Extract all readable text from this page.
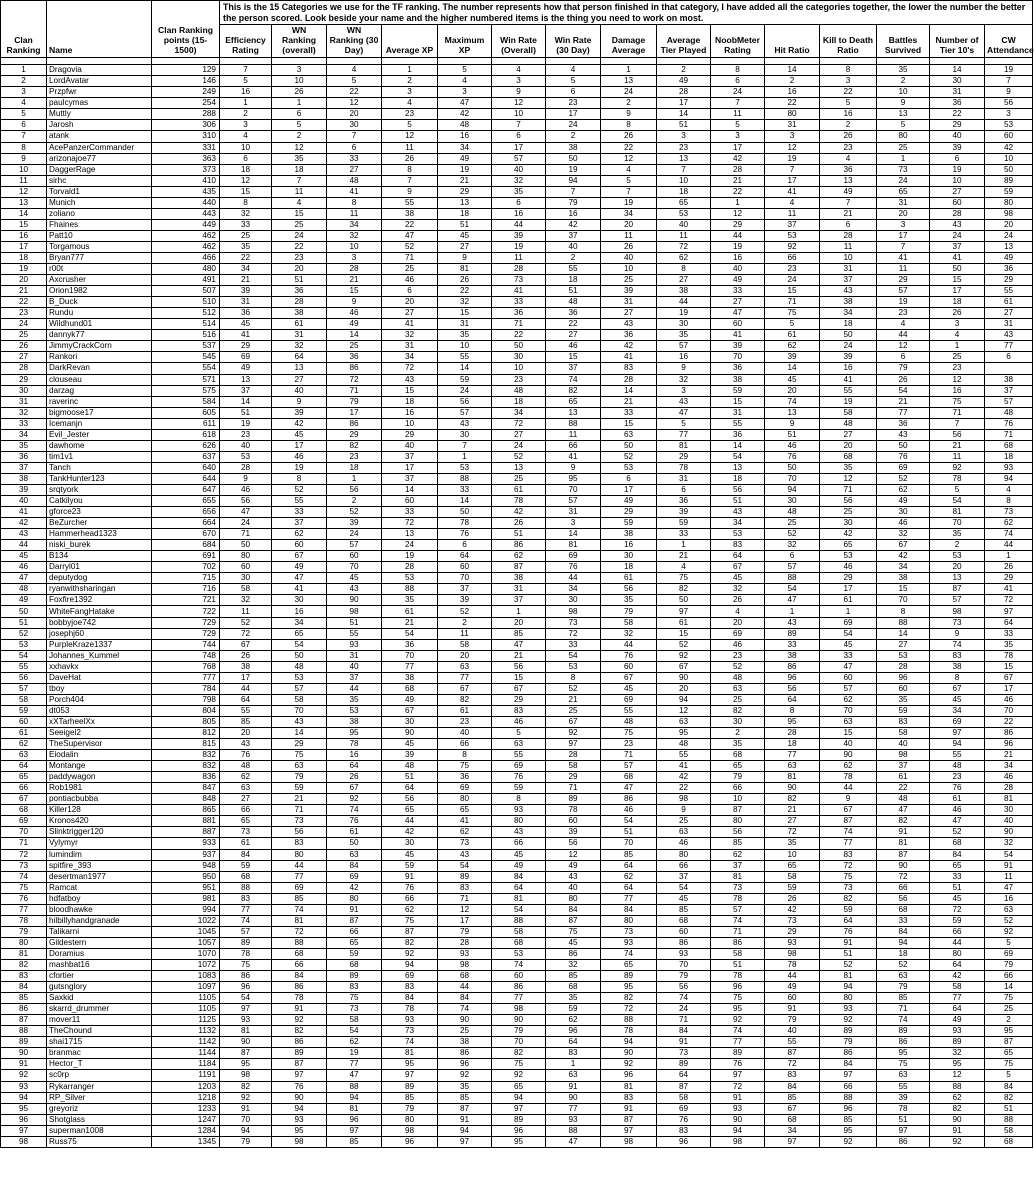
Clan Ranking	Name	Clan Ranking points (15-1500)	This is the 15 Categories we use for the TF ranking. The number represents how that person finished in that category, I have added all the categories together, the lower the number the better the person scored. Look beside your name and the higher numbered items is the thing you need to work on most.														
			Efficiency Rating	WN Ranking (overall)	WN Ranking (30 Day)	Average XP	Maximum XP	Win Rate (Overall)	Win Rate (30 Day)	Damage Average	Average Tier Played	NoobMeter Rating	Hit Ratio	Kill to Death Ratio	Battles Survived	Number of Tier 10's	CW Attendance

1	Dragovia	129	7	3	4	1	5	4	4	1	2	8	14	8	35	14	19
2	LordAvatar	146	5	10	5	2	4	3	5	13	49	6	2	3	2	30	7
3	Przpfwr	249	16	26	22	3	3	9	6	24	28	24	16	22	10	31	9
4	paulcymas	254	1	1	12	4	47	12	23	2	17	7	22	5	9	36	56
5	Muttly	288	2	6	20	23	42	10	17	9	14	11	80	16	13	22	3
6	Jarosh	306	3	5	30	5	48	7	24	8	51	5	31	2	5	29	53
7	atank	310	4	2	7	12	16	6	2	26	3	3	3	26	80	40	60
8	AcePanzerCommander	331	10	12	6	11	34	17	38	22	23	17	12	23	25	39	42
9	arizonajoe77	363	6	35	33	26	49	57	50	12	13	42	19	4	1	6	10
10	DaggerRage	373	18	18	27	8	19	40	19	4	7	28	7	36	73	19	50
11	sirhc	410	12	7	48	7	21	32	94	5	10	21	17	13	24	10	89
12	Torvald1	435	15	11	41	9	29	35	7	7	18	22	41	49	65	27	59
13	Munich	440	8	4	8	55	13	6	79	19	65	1	4	7	31	60	80
14	zoliano	443	32	15	11	38	18	16	16	34	53	12	11	21	20	28	98
15	Fhaines	449	33	25	34	22	51	44	42	20	40	29	37	6	3	43	20
16	Patt10	462	25	24	32	47	45	39	37	11	11	44	53	28	17	24	24
17	Torgamous	462	35	22	10	52	27	19	40	26	72	19	92	11	7	37	13
18	Bryan777	466	22	23	3	71	9	11	2	40	62	16	66	10	41	41	49
19	r00t	480	34	20	28	25	81	28	55	10	8	40	23	31	11	50	36
20	Axcrusher	491	21	51	21	46	26	73	18	25	27	49	24	37	29	15	29
21	Orion1982	507	39	36	15	6	22	41	51	39	38	33	15	43	57	17	55
22	B_Duck	510	31	28	9	20	32	33	48	31	44	27	71	38	19	18	61
23	Rundu	512	36	38	46	27	15	36	36	27	19	47	75	34	23	26	27
24	Wildhund01	514	45	61	49	41	31	71	22	43	30	60	5	18	4	3	31
25	dannyk77	516	41	31	14	32	35	22	27	36	35	41	61	50	44	4	43
26	JimmyCrackCorn	537	29	32	25	31	10	50	46	42	57	39	62	24	12	1	77
27	Rankori	545	69	64	36	34	55	30	15	41	16	70	39	39	6	25	6
28	DarkRevan	554	49	13	86	72	14	10	37	83	9	36	14	16	79	23	
29	clouseau	571	13	27	72	43	59	23	74	28	32	38	45	41	26	12	38
30	darzag	575	37	40	71	15	24	48	82	14	3	59	20	55	54	16	37
31	raverinc	584	14	9	79	18	56	18	65	21	43	15	74	19	21	75	57
32	bigmoose17	605	51	39	17	16	57	34	13	33	47	31	13	58	77	71	48
33	Icemanjn	611	19	42	86	10	43	72	88	15	5	55	9	48	36	7	76
34	Evil_Jester	618	23	45	29	29	30	27	11	63	77	36	51	27	43	56	71
35	dawhome	626	40	17	82	40	7	24	66	50	81	14	46	20	50	21	68
36	tim1v1	637	53	46	23	37	1	52	41	52	29	54	76	68	76	11	18
37	Tanch	640	28	19	18	17	53	13	9	53	78	13	50	35	69	92	93
38	TankHunter123	644	9	8	1	37	88	25	95	6	31	18	70	12	52	78	94
39	srqtyork	647	46	52	56	14	33	61	70	17	6	56	94	71	62	5	4
40	Catkilyou	655	56	55	2	60	14	78	57	49	36	51	30	56	49	54	8
41	gforce23	656	47	33	52	33	50	42	31	29	39	43	48	25	30	81	73
42	BeZurcher	664	24	37	39	72	78	26	3	59	59	34	25	30	46	70	62
43	Hammerhead1323	670	71	62	24	13	76	51	14	38	33	53	52	42	32	35	74
44	niski_burek	684	50	60	57	24	6	86	81	16	1	83	32	65	67	2	44
45	B134	691	80	67	60	19	64	62	69	30	21	64	6	53	42	53	1
46	Darryl01	702	60	49	70	28	60	87	76	18	4	67	57	46	34	20	26
47	deputydog	715	30	47	45	53	70	38	44	61	75	45	88	29	38	13	29
48	ryanwithsharingan	716	58	41	43	88	37	31	34	56	82	32	54	17	15	87	41
49	Foxfire1392	721	32	30	90	35	39	37	30	35	50	26	47	61	70	57	72
50	WhiteFangHatake	722	11	16	98	61	52	1	98	79	97	4	1	1	8	98	97
51	bobbyjoe742	729	52	34	51	21	2	20	73	58	61	20	43	69	88	73	64
52	josephj60	729	72	65	55	54	11	85	72	32	15	69	89	54	14	9	33
53	PurpleKraze1337	744	67	54	93	36	58	47	33	44	52	46	33	45	27	74	35
54	Johannes_Kummel	748	26	50	31	70	20	21	54	76	92	23	38	33	53	83	78
55	xxhavkx	768	38	48	40	77	63	56	53	60	67	52	86	47	28	38	15
56	DaveHat	777	17	53	37	38	77	15	8	67	90	48	96	60	96	8	67
57	tboy	784	44	57	44	68	67	67	52	45	20	63	56	57	60	67	17
58	Porch404	798	64	58	35	49	82	29	21	69	94	25	64	62	35	45	46
59	dt053	804	55	70	53	67	61	83	25	55	12	82	8	70	59	34	70
60	xXTarheelXx	805	85	43	38	30	23	46	67	48	63	30	95	63	83	69	22
61	Seeigel2	812	20	14	95	90	40	5	92	75	95	2	28	15	58	97	86
62	TheSupervisor	815	43	29	78	45	66	63	97	23	48	35	18	40	40	94	96
63	Eiodalin	832	76	75	16	39	8	55	28	71	55	68	77	90	98	55	21
64	Montange	832	48	63	64	48	75	69	58	57	41	65	63	62	37	48	34
65	paddywagon	836	62	79	26	51	36	76	29	68	42	79	81	78	61	23	46
66	Rob1981	847	63	59	67	64	69	59	71	47	22	66	90	44	22	76	28
67	pontiacbubba	848	27	21	92	56	80	8	89	86	98	10	82	9	48	61	81
68	Killer128	865	66	71	74	65	65	93	78	46	9	87	21	67	47	46	30
69	Kronos420	881	65	73	76	44	41	80	60	54	25	80	27	87	82	47	40
70	Slinktrigger120	887	73	56	61	42	62	43	39	51	63	56	72	74	91	52	90
71	Vylymyr	933	61	83	50	30	73	66	56	70	46	85	35	77	81	68	32
72	lumindim	937	84	80	63	45	43	45	12	85	80	62	10	83	87	84	54
73	spitfire_393	948	59	44	84	59	54	49	49	64	66	37	65	72	90	65	91
74	desertman1977	950	68	77	69	91	89	84	43	62	37	81	58	75	72	33	11
75	Ramcat	951	88	69	42	76	83	64	40	64	54	73	59	73	66	51	47
76	hdfatboy	981	83	85	80	66	71	81	80	77	45	78	26	82	56	45	16
77	bloodhawke	994	77	74	91	62	12	54	84	84	85	57	42	59	68	72	63
78	hilbillyhandgranade	1022	74	81	87	75	17	88	87	80	68	74	73	64	33	59	52
79	Talikarni	1045	57	72	66	87	79	58	75	73	60	71	29	76	84	66	92
80	Gildestern	1057	89	88	65	82	28	68	45	93	86	86	93	91	94	44	5
81	Doramius	1070	78	68	59	92	93	53	86	74	93	58	98	51	18	80	69
82	mashbat16	1072	75	66	68	94	98	74	32	65	70	51	78	52	52	64	79
83	cfortier	1083	86	84	89	69	68	60	85	89	79	78	44	81	63	42	66
84	gutsnglory	1097	96	86	83	83	44	86	68	95	56	96	49	94	79	58	14
85	Saxkid	1105	54	78	75	84	84	77	35	82	74	75	60	80	85	77	75
86	skarrd_drummer	1105	97	91	73	78	74	98	59	72	24	95	91	93	71	64	25
87	mover11	1125	93	92	58	93	90	90	62	88	71	92	79	92	74	49	2
88	TheChound	1132	81	82	54	73	25	79	96	78	84	74	40	89	89	93	95
89	shai1715	1142	90	86	62	74	38	70	64	94	91	77	55	79	86	89	87
90	branmac	1144	87	89	19	81	86	82	83	90	73	89	87	86	95	32	65
91	Hector_T	1184	95	87	77	95	96	75	1	92	89	76	72	84	75	95	75
92	sc0rp	1191	98	97	47	97	92	92	63	96	64	97	83	97	63	12	5
93	Rykarranger	1203	82	76	88	89	35	65	91	81	87	72	84	66	55	88	84
94	RP_Silver	1218	92	90	94	85	85	94	90	83	58	91	85	88	39	62	82
95	greyoriz	1233	91	94	81	79	87	97	77	91	69	93	67	96	78	82	51
96	Shotglass	1247	70	93	96	80	91	89	93	87	76	90	68	85	51	90	88
97	superman1008	1284	94	95	97	98	94	96	88	97	83	94	34	95	97	91	58
98	Russ75	1345	79	98	85	96	97	95	47	98	96	98	97	92	86	92	68
